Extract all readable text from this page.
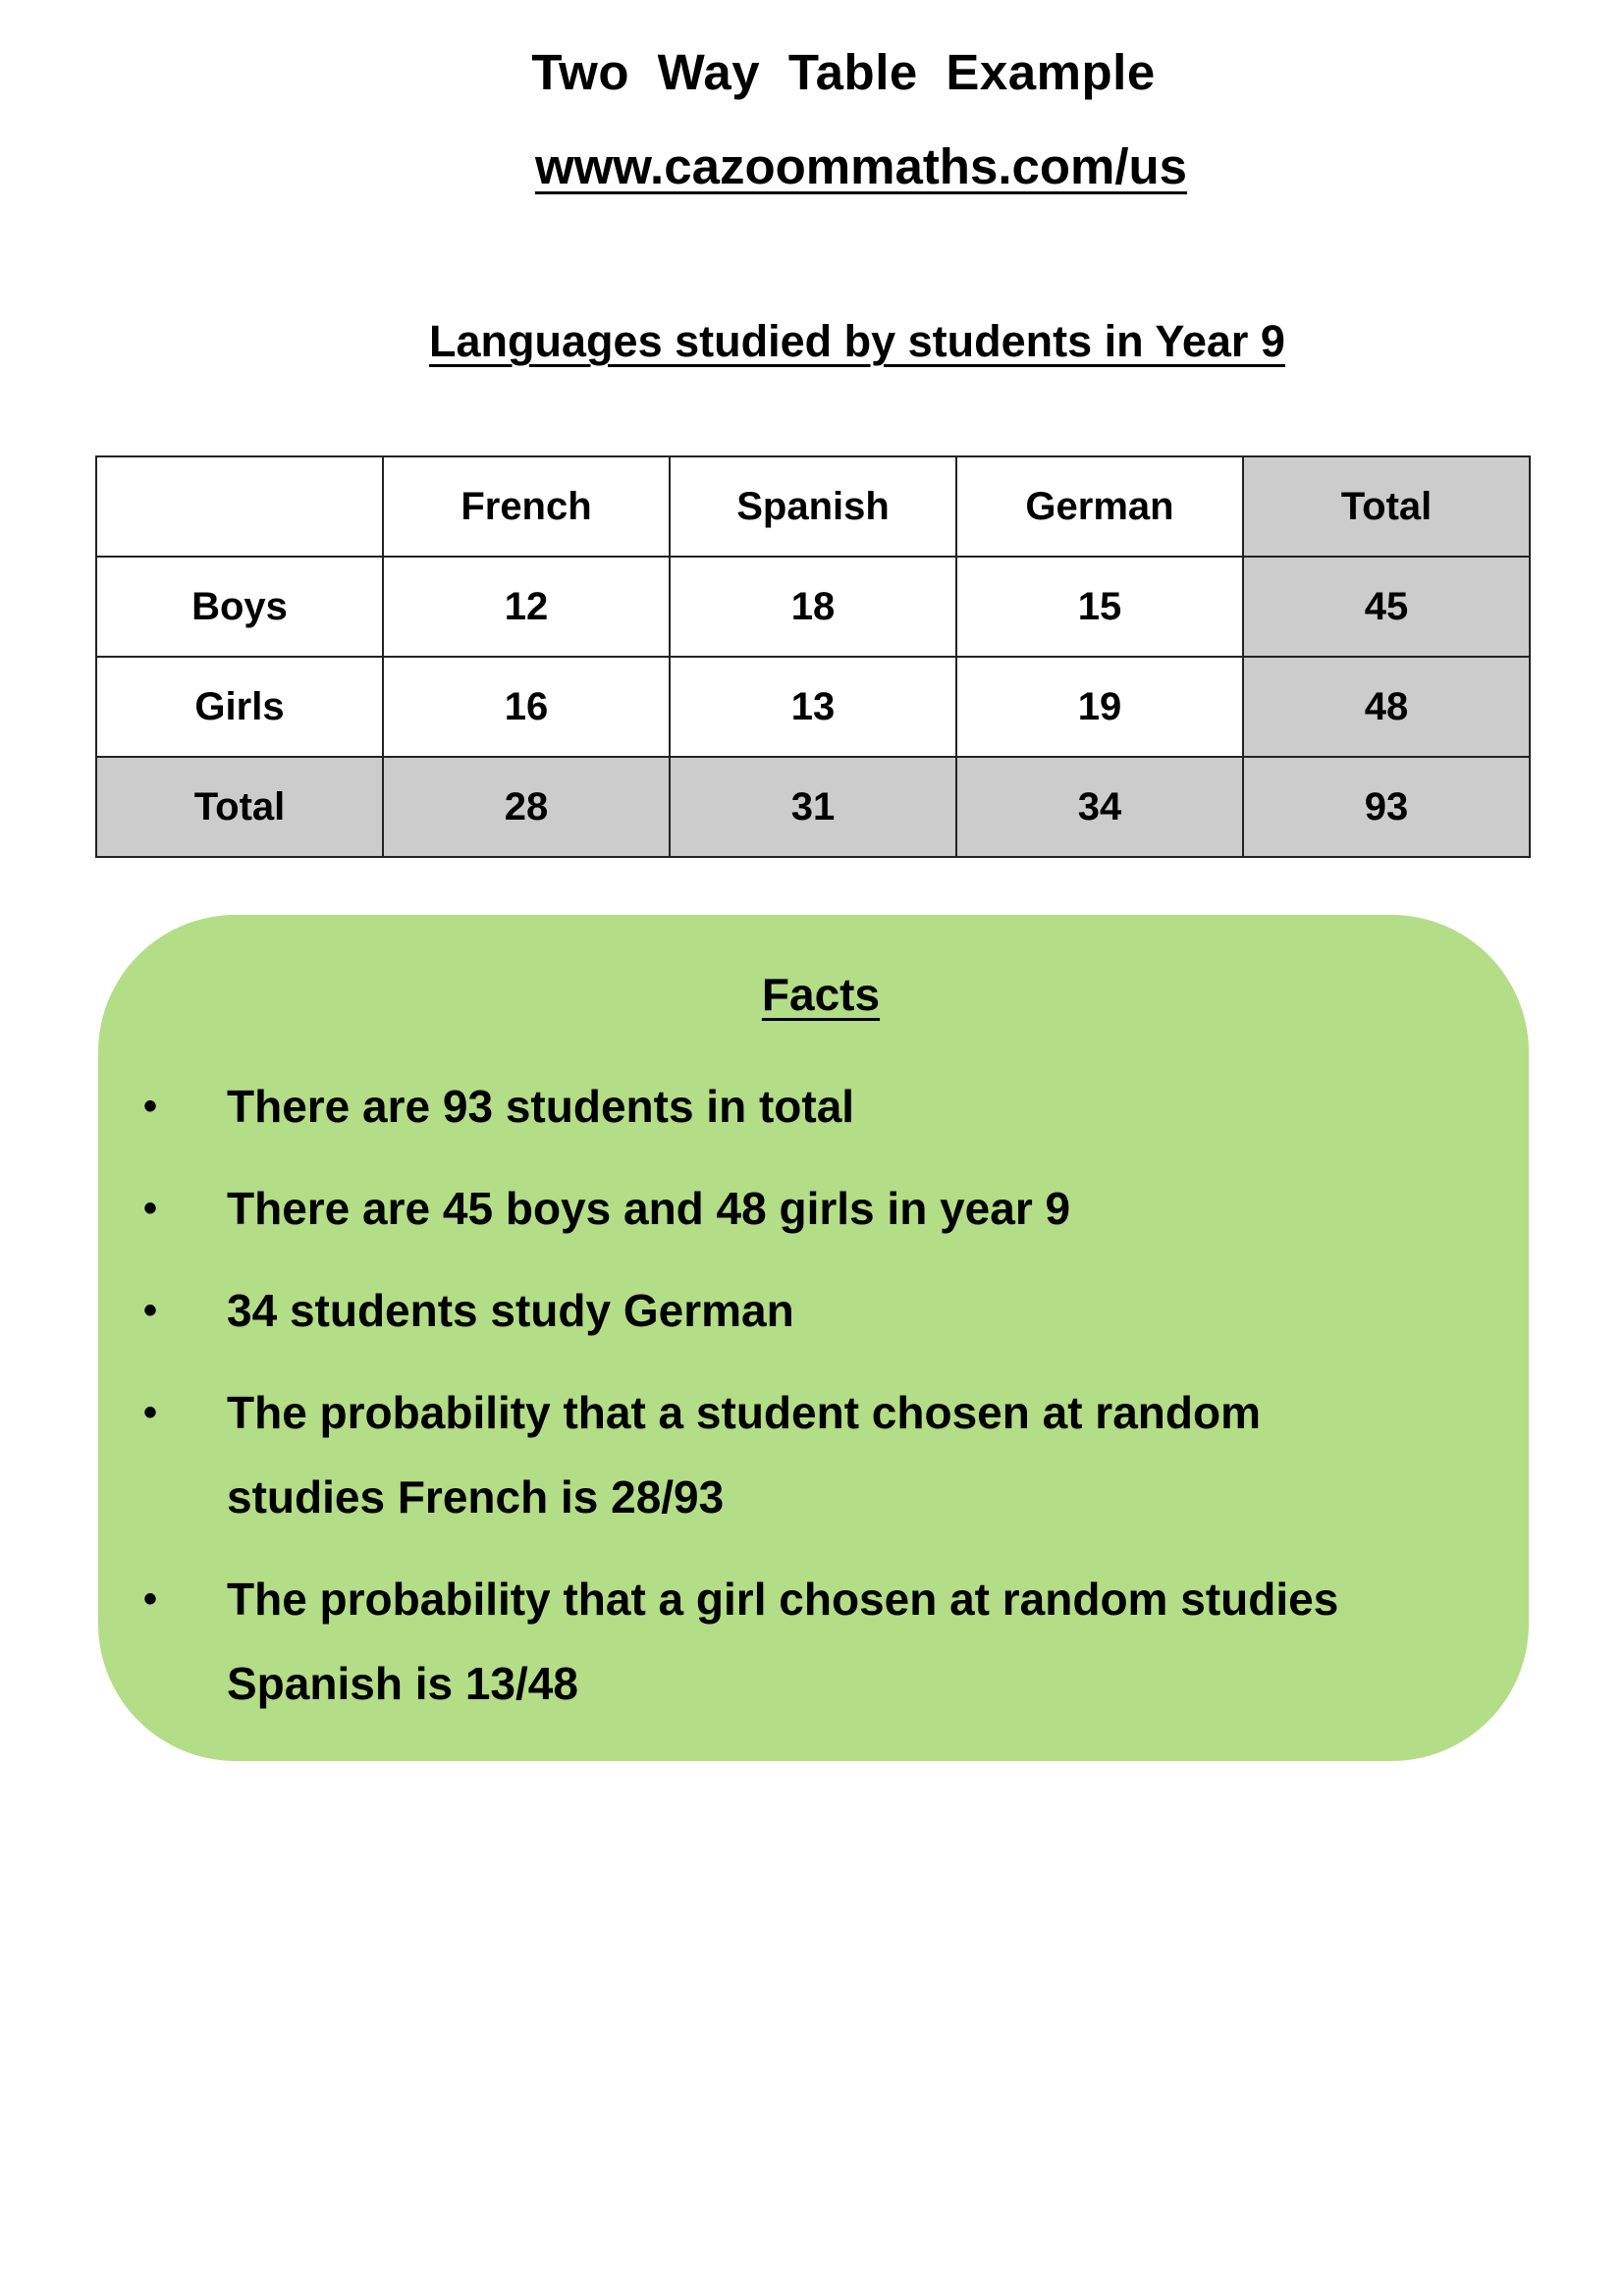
Two Way Table Example
www.cazoommaths.com/us
Languages studied by students in Year 9
	French	Spanish	German	Total
Boys	12	18	15	45
Girls	16	13	19	48
Total	28	31	34	93
Facts
• There are 93 students in total
• There are 45 boys and 48 girls in year 9
• 34 students study German
• The probability that a student chosen at random studies French is 28/93
• The probability that a girl chosen at random studies Spanish is 13/48
